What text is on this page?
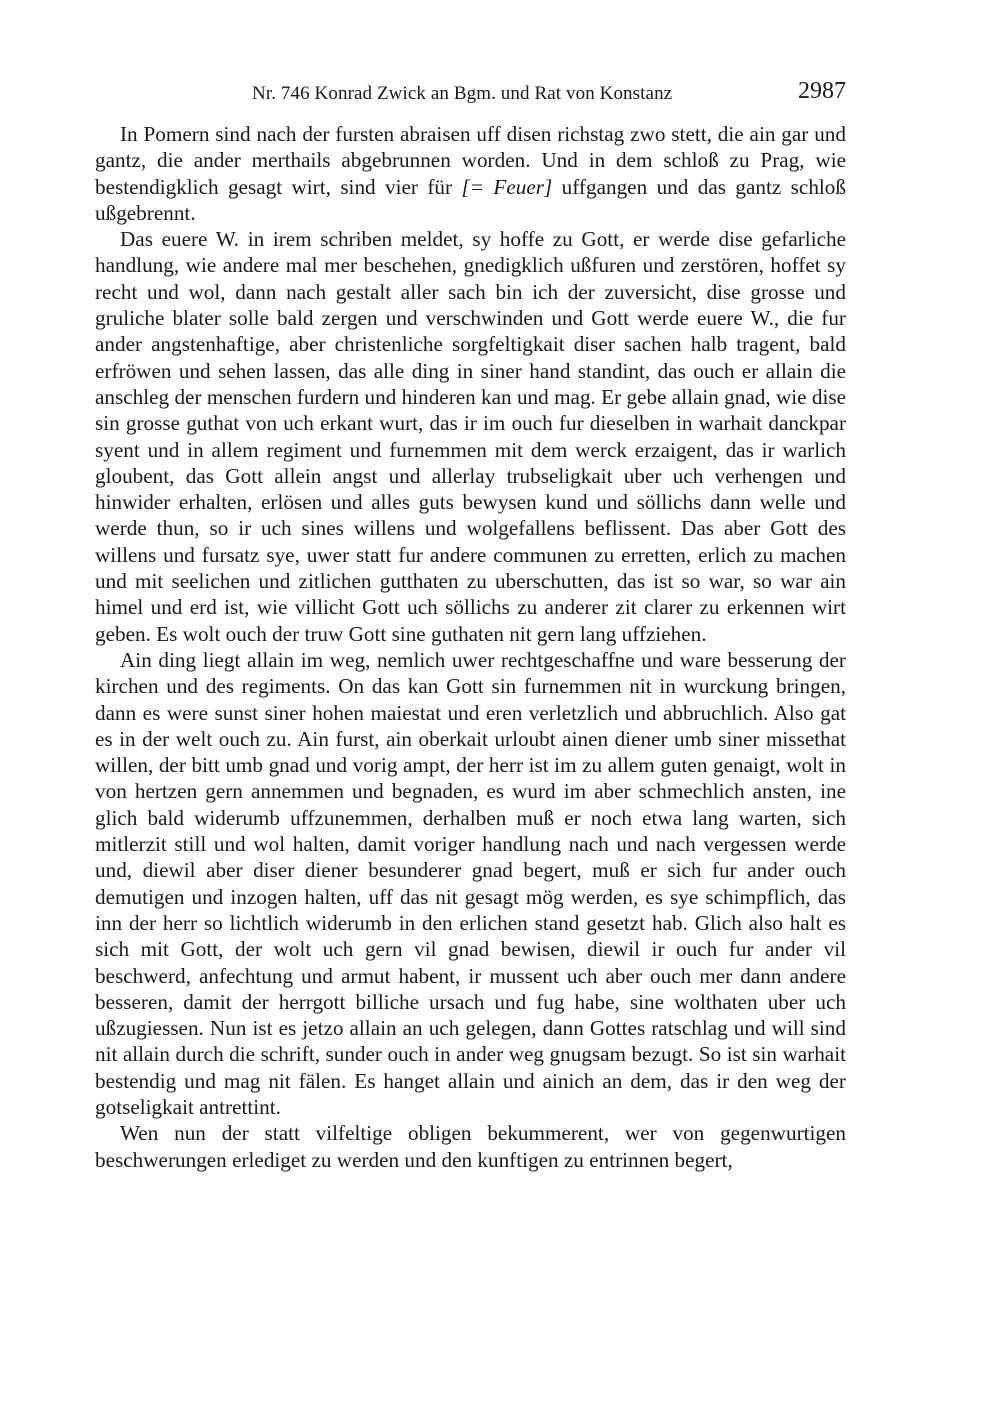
Nr. 746 Konrad Zwick an Bgm. und Rat von Konstanz	2987

In Pomern sind nach der fursten abraisen uff disen richstag zwo stett, die ain gar und gantz, die ander merthails abgebrunnen worden. Und in dem schloß zu Prag, wie bestendigklich gesagt wirt, sind vier für [= Feuer] uffgangen und das gantz schloß ußgebrennt.

Das euere W. in irem schriben meldet, sy hoffe zu Gott, er werde dise gefarliche handlung, wie andere mal mer beschehen, gnedigklich ußfuren und zerstören, hoffet sy recht und wol, dann nach gestalt aller sach bin ich der zuversicht, dise grosse und gruliche blater solle bald zergen und verschwinden und Gott werde euere W., die fur ander angstenhaftige, aber christenliche sorgfeltigkait diser sachen halb tragent, bald erfröwen und sehen lassen, das alle ding in siner hand standint, das ouch er allain die anschleg der menschen furdern und hinderen kan und mag. Er gebe allain gnad, wie dise sin grosse guthat von uch erkant wurt, das ir im ouch fur dieselben in warhait danckpar syent und in allem regiment und furnemmen mit dem werck erzaigent, das ir warlich gloubent, das Gott allein angst und allerlay trubseligkait uber uch verhengen und hinwider erhalten, erlösen und alles guts bewysen kund und söllichs dann welle und werde thun, so ir uch sines willens und wolgefallens beflissent. Das aber Gott des willens und fursatz sye, uwer statt fur andere communen zu erretten, erlich zu machen und mit seelichen und zitlichen gutthaten zu uberschutten, das ist so war, so war ain himel und erd ist, wie villicht Gott uch söllichs zu anderer zit clarer zu erkennen wirt geben. Es wolt ouch der truw Gott sine guthaten nit gern lang uffziehen.

Ain ding liegt allain im weg, nemlich uwer rechtgeschaffne und ware besserung der kirchen und des regiments. On das kan Gott sin furnemmen nit in wurckung bringen, dann es were sunst siner hohen maiestat und eren verletzlich und abbruchlich. Also gat es in der welt ouch zu. Ain furst, ain oberkait urloubt ainen diener umb siner missethat willen, der bitt umb gnad und vorig ampt, der herr ist im zu allem guten genaigt, wolt in von hertzen gern annemmen und begnaden, es wurd im aber schmechlich ansten, ine glich bald widerumb uffzunemmen, derhalben muß er noch etwa lang warten, sich mitlerzit still und wol halten, damit voriger handlung nach und nach vergessen werde und, diewil aber diser diener besunderer gnad begert, muß er sich fur ander ouch demutigen und inzogen halten, uff das nit gesagt mög werden, es sye schimpflich, das inn der herr so lichtlich widerumb in den erlichen stand gesetzt hab. Glich also halt es sich mit Gott, der wolt uch gern vil gnad bewisen, diewil ir ouch fur ander vil beschwerd, anfechtung und armut habent, ir mussent uch aber ouch mer dann andere besseren, damit der herrgott billiche ursach und fug habe, sine wolthaten uber uch ußzugiessen. Nun ist es jetzo allain an uch gelegen, dann Gottes ratschlag und will sind nit allain durch die schrift, sunder ouch in ander weg gnugsam bezugt. So ist sin warhait bestendig und mag nit fälen. Es hanget allain und ainich an dem, das ir den weg der gotseligkait antrettint.

Wen nun der statt vilfeltige obligen bekummerent, wer von gegenwurtigen beschwerungen erlediget zu werden und den kunftigen zu entrinnen begert,
